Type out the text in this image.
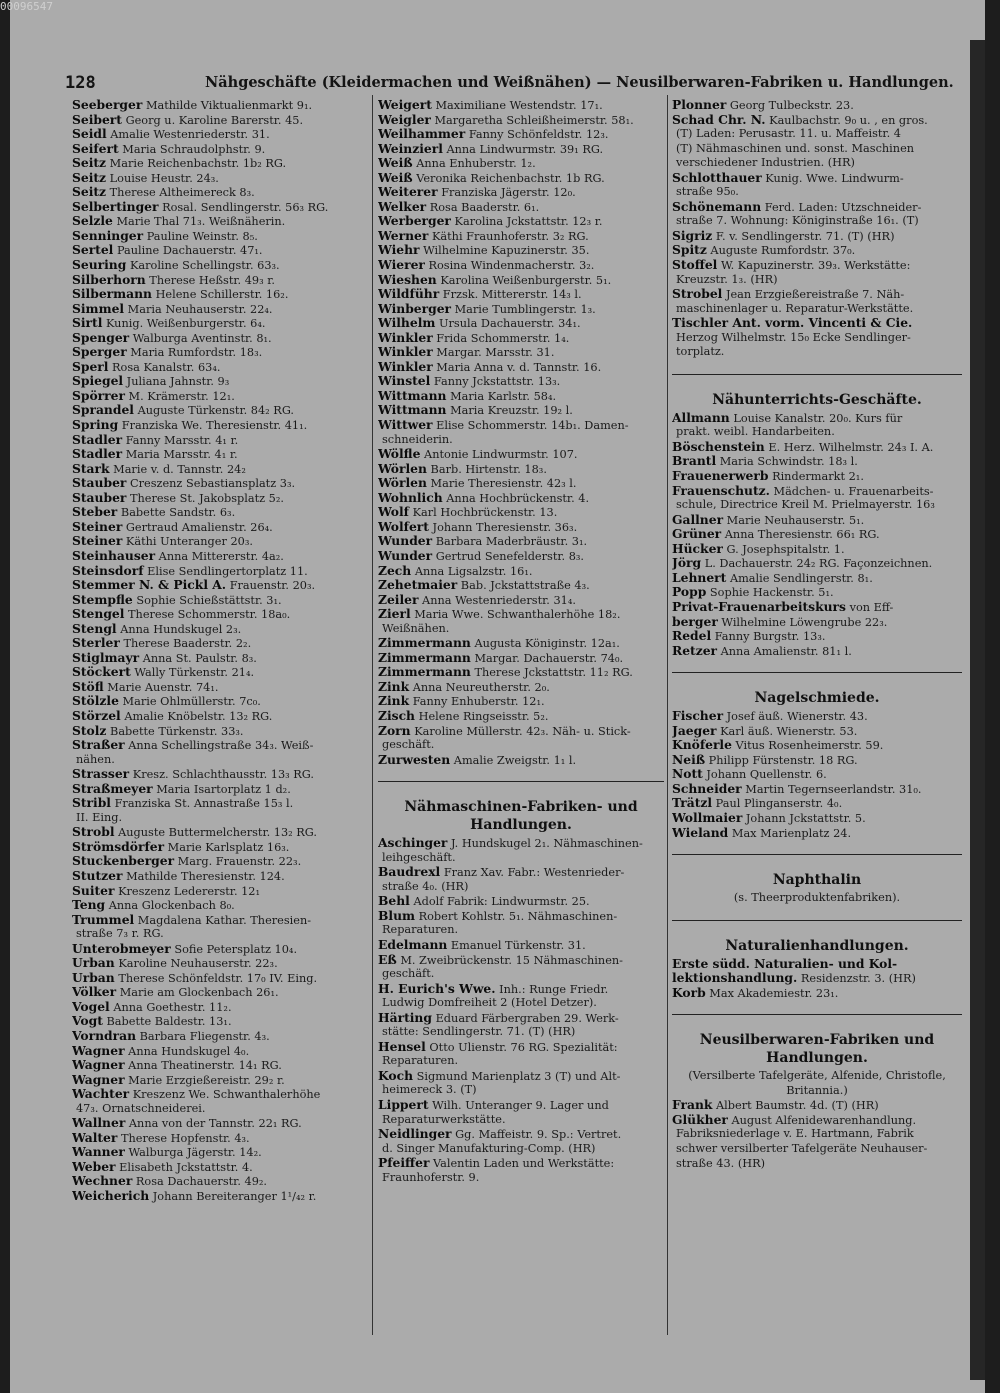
128	Nähgeschäfte (Kleidermachen und Weißnähen) — Neusilberwaren-Fabriken u. Handlungen.
Seeberger Mathilde Viktualienmarkt 9₁.
Seibert Georg u. Karoline Barerstr. 45.
Seidl Amalie Westenriederstr. 31.
Seifert Maria Schraudolphstr. 9.
Seitz Marie Reichenbachstr. 1b₂ RG.
Seitz Louise Heustr. 24₃.
Seitz Therese Altheimereck 8₃.
Selbertinger Rosal. Sendlingerstr. 56₃ RG.
Selzle Marie Thal 71₃. Weißnäherin.
Senninger Pauline Weinstr. 8₅.
Sertel Pauline Dachauerstr. 47₁.
Seuring Karoline Schellingstr. 63₃.
Silberhorn Therese Heßstr. 49₃ r.
Silbermann Helene Schillerstr. 16₂.
Simmel Maria Neuhauserstr. 22₄.
Sirtl Kunig. Weißenburgerstr. 6₄.
Spenger Walburga Aventinstr. 8₁.
Sperger Maria Rumfordstr. 18₃.
Sperl Rosa Kanalstr. 63₄.
Spiegel Juliana Jahnstr. 9₃
Spörrer M. Krämerstr. 12₁.
Sprandel Auguste Türkenstr. 84₂ RG.
Spring Franziska We. Theresienstr. 41₁.
Stadler Fanny Marsstr. 4₁ r.
Stadler Maria Marsstr. 4₁ r.
Stark Marie v. d. Tannstr. 24₂
Stauber Creszenz Sebastiansplatz 3₃.
Stauber Therese St. Jakobsplatz 5₂.
Steber Babette Sandstr. 6₃.
Steiner Gertraud Amalienstr. 26₄.
Steiner Käthi Unteranger 20₃.
Steinhauser Anna Mittererstr. 4a₂.
Steinsdorf Elise Sendlingertorplatz 11.
Stemmer N. & Pickl A. Frauenstr. 20₃.
Stempfle Sophie Schießstättstr. 3₁.
Stengel Therese Schommerstr. 18a₀.
Stengl Anna Hundskugel 2₃.
Sterler Therese Baaderstr. 2₂.
Stiglmayr Anna St. Paulstr. 8₃.
Stöckert Wally Türkenstr. 21₄.
Stöfl Marie Auenstr. 74₁.
Stölzle Marie Ohlmüllerstr. 7c₀.
Störzel Amalie Knöbelstr. 13₂ RG.
Stolz Babette Türkenstr. 33₃.
Straßer Anna Schellingstraße 34₃. Weiß-
nähen.
Strasser Kresz. Schlachthausstr. 13₃ RG.
Straßmeyer Maria Isartorplatz 1 d₂.
Stribl Franziska St. Annastraße 15₃ l.
II. Eing.
Strobl Auguste Buttermelcherstr. 13₂ RG.
Strömsdörfer Marie Karlsplatz 16₃.
Stuckenberger Marg. Frauenstr. 22₃.
Stutzer Mathilde Theresienstr. 124.
Suiter Kreszenz Ledererstr. 12₁
Teng Anna Glockenbach 8₀.
Trummel Magdalena Kathar. Theresien-
straße 7₃ r. RG.
Unterobmeyer Sofie Petersplatz 10₄.
Urban Karoline Neuhauserstr. 22₃.
Urban Therese Schönfeldstr. 17₀ IV. Eing.
Völker Marie am Glockenbach 26₁.
Vogel Anna Goethestr. 11₂.
Vogt Babette Baldestr. 13₁.
Vorndran Barbara Fliegenstr. 4₃.
Wagner Anna Hundskugel 4₀.
Wagner Anna Theatinerstr. 14₁ RG.
Wagner Marie Erzgießereistr. 29₂ r.
Wachter Kreszenz We. Schwanthalerhöhe
47₃. Ornatschneiderei.
Wallner Anna von der Tannstr. 22₁ RG.
Walter Therese Hopfenstr. 4₃.
Wanner Walburga Jägerstr. 14₂.
Weber Elisabeth Jckstattstr. 4.
Wechner Rosa Dachauerstr. 49₂.
Weicherich Johann Bereiteranger 1¹/₄₂ r.
Weigert Maximiliane Westendstr. 17₁.
Weigler Margaretha Schleißheimerstr. 58₁.
Weilhammer Fanny Schönfeldstr. 12₃.
Weinzierl Anna Lindwurmstr. 39₁ RG.
Weiß Anna Enhuberstr. 1₂.
Weiß Veronika Reichenbachstr. 1b RG.
Weiterer Franziska Jägerstr. 12₀.
Welker Rosa Baaderstr. 6₁.
Werberger Karolina Jckstattstr. 12₃ r.
Werner Käthi Fraunhoferstr. 3₂ RG.
Wiehr Wilhelmine Kapuzinerstr. 35.
Wierer Rosina Windenmacherstr. 3₂.
Wieshen Karolina Weißenburgerstr. 5₁.
Wildführ Frzsk. Mittererstr. 14₃ l.
Winberger Marie Tumblingerstr. 1₃.
Wilhelm Ursula Dachauerstr. 34₁.
Winkler Frida Schommerstr. 1₄.
Winkler Margar. Marsstr. 31.
Winkler Maria Anna v. d. Tannstr. 16.
Winstel Fanny Jckstattstr. 13₃.
Wittmann Maria Karlstr. 58₄.
Wittmann Maria Kreuzstr. 19₂ l.
Wittwer Elise Schommerstr. 14b₁. Damen-
schneiderin.
Wölfle Antonie Lindwurmstr. 107.
Wörlen Barb. Hirtenstr. 18₃.
Wörlen Marie Theresienstr. 42₃ l.
Wohnlich Anna Hochbrückenstr. 4.
Wolf Karl Hochbrückenstr. 13.
Wolfert Johann Theresienstr. 36₃.
Wunder Barbara Maderbräustr. 3₁.
Wunder Gertrud Senefelderstr. 8₃.
Zech Anna Ligsalzstr. 16₁.
Zehetmaier Bab. Jckstattstraße 4₃.
Zeiler Anna Westenriederstr. 31₄.
Zierl Maria Wwe. Schwanthalerhöhe 18₂.
Weißnähen.
Zimmermann Augusta Königinstr. 12a₁.
Zimmermann Margar. Dachauerstr. 74₀.
Zimmermann Therese Jckstattstr. 11₂ RG.
Zink Anna Neureutherstr. 2₀.
Zink Fanny Enhuberstr. 12₁.
Zisch Helene Ringseisstr. 5₂.
Zorn Karoline Müllerstr. 42₃. Näh- u. Stick-
geschäft.
Zurwesten Amalie Zweigstr. 1₁ l.
Nähmaschinen-Fabriken- und Handlungen.
Aschinger J. Hundskugel 2₁. Nähmaschinen-
leihgeschäft.
Baudrexl Franz Xav. Fabr.: Westenrieder-
straße 4₀. (HR)
Behl Adolf Fabrik: Lindwurmstr. 25.
Blum Robert Kohlstr. 5₁. Nähmaschinen-
Reparaturen.
Edelmann Emanuel Türkenstr. 31.
Eß M. Zweibrückenstr. 15 Nähmaschinen-
geschäft.
H. Eurich's Wwe. Inh.: Runge Friedr.
Ludwig Domfreiheit 2 (Hotel Detzer).
Härting Eduard Färbergraben 29. Werk-
stätte: Sendlingerstr. 71. (T) (HR)
Hensel Otto Ulienstr. 76 RG. Spezialität:
Reparaturen.
Koch Sigmund Marienplatz 3 (T) und Alt-
heimereck 3. (T)
Lippert Wilh. Unteranger 9. Lager und
Reparaturwerkstätte.
Neidlinger Gg. Maffeistr. 9. Sp.: Vertret.
d. Singer Manufakturing-Comp. (HR)
Pfeiffer Valentin Laden und Werkstätte:
Fraunhoferstr. 9.
Plonner Georg Tulbeckstr. 23.
Schad Chr. N. Kaulbachstr. 9₀ u. , en gros.
(T) Laden: Perusastr. 11. u. Maffeistr. 4
(T) Nähmaschinen und. sonst. Maschinen
verschiedener Industrien. (HR)
Schlotthauer Kunig. Wwe. Lindwurm-
straße 95₀.
Schönemann Ferd. Laden: Utzschneider-
straße 7. Wohnung: Königinstraße 16₁. (T)
Sigriz F. v. Sendlingerstr. 71. (T) (HR)
Spitz Auguste Rumfordstr. 37₀.
Stoffel W. Kapuzinerstr. 39₃. Werkstätte:
Kreuzstr. 1₃. (HR)
Strobel Jean Erzgießereistraße 7. Näh-
maschinenlager u. Reparatur-Werkstätte.
Tischler Ant. vorm. Vincenti & Cie.
Herzog Wilhelmstr. 15₀ Ecke Sendlinger-
torplatz.
Nähunterrichts-Geschäfte.
Allmann Louise Kanalstr. 20₀. Kurs für
prakt. weibl. Handarbeiten.
Böschenstein E. Herz. Wilhelmstr. 24₃ I. A.
Brantl Maria Schwindstr. 18₃ l.
Frauenerwerb Rindermarkt 2₁.
Frauenschutz. Mädchen- u. Frauenarbeits-
schule, Directrice Kreil M. Prielmayerstr. 16₃
Gallner Marie Neuhauserstr. 5₁.
Grüner Anna Theresienstr. 66₁ RG.
Hücker G. Josephspitalstr. 1.
Jörg L. Dachauerstr. 24₂ RG. Façonzeichnen.
Lehnert Amalie Sendlingerstr. 8₁.
Popp Sophie Hackenstr. 5₁.
Privat-Frauenarbeitskurs von Eff-
berger Wilhelmine Löwengrube 22₃.
Redel Fanny Burgstr. 13₃.
Retzer Anna Amalienstr. 81₁ l.
Nagelschmiede.
Fischer Josef äuß. Wienerstr. 43.
Jaeger Karl äuß. Wienerstr. 53.
Knöferle Vitus Rosenheimerstr. 59.
Neiß Philipp Fürstenstr. 18 RG.
Nott Johann Quellenstr. 6.
Schneider Martin Tegernseerlandstr. 31₀.
Trätzl Paul Plinganserstr. 4₀.
Wollmaier Johann Jckstattstr. 5.
Wieland Max Marienplatz 24.
Naphthalin
(s. Theerproduktenfabriken).
Naturalienhandlungen.
Erste südd. Naturalien- und Kol-
lektionshandlung. Residenzstr. 3. (HR)
Korb Max Akademiestr. 23₁.
Neusilberwaren-Fabriken und Handlungen.
(Versilberte Tafelgeräte, Alfenide, Christofle, Britannia.)
Frank Albert Baumstr. 4d. (T) (HR)
Glükher August Alfenidewarenhandlung.
Fabriksniederlage v. E. Hartmann, Fabrik
schwer versilberter Tafelgeräte Neuhauser-
straße 43. (HR)
00096547
